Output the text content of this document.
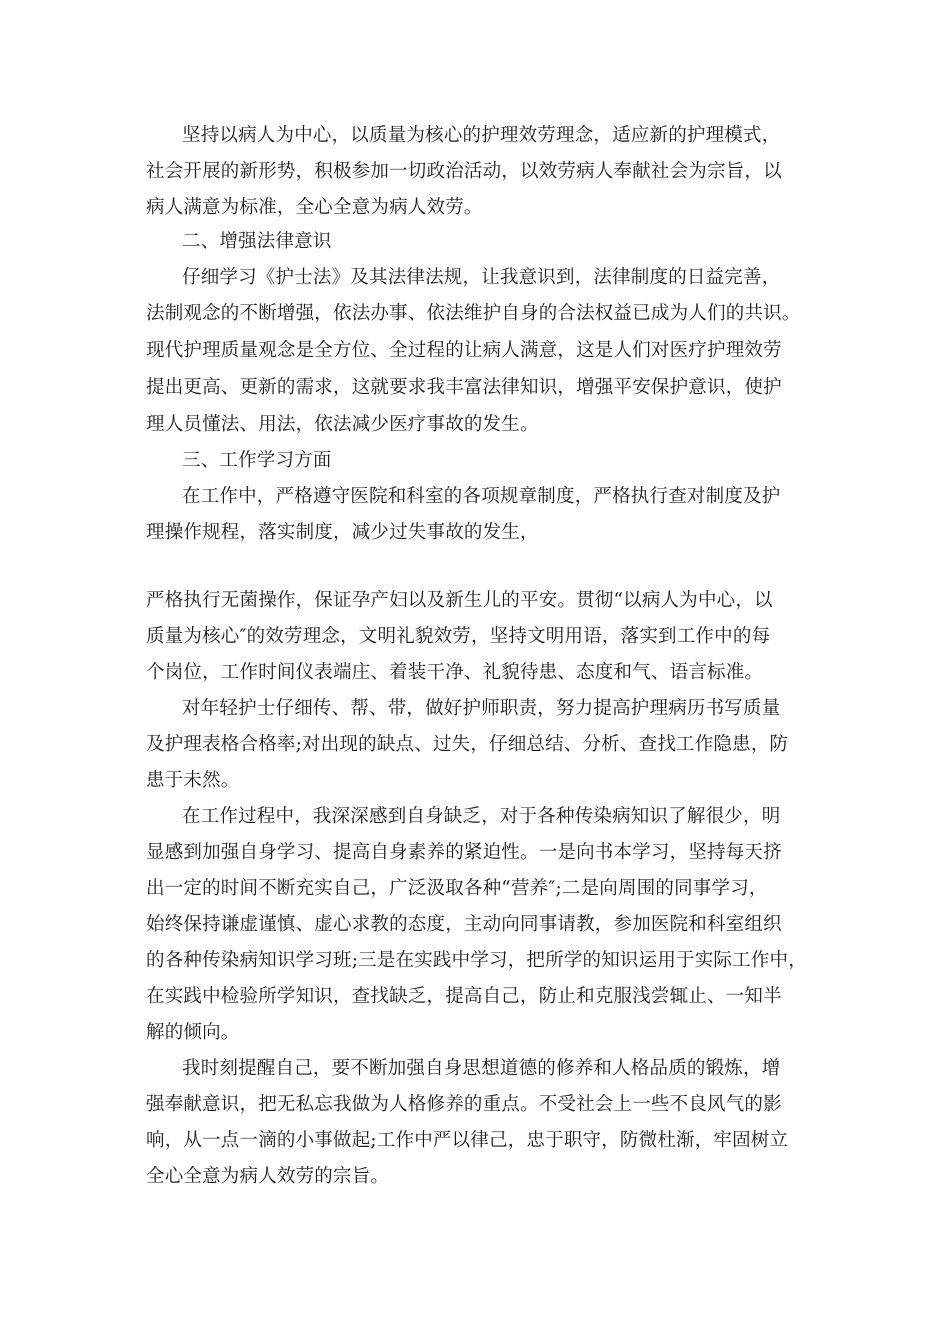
坚持以病人为中心，以质量为核心的护理效劳理念，适应新的护理模式，
社会开展的新形势，积极参加一切政治活动，以效劳病人奉献社会为宗旨，以
病人满意为标准，全心全意为病人效劳。
二、增强法律意识
仔细学习《护士法》及其法律法规，让我意识到，法律制度的日益完善，
法制观念的不断增强，依法办事、依法维护自身的合法权益已成为人们的共识。
现代护理质量观念是全方位、全过程的让病人满意，这是人们对医疗护理效劳
提出更高、更新的需求，这就要求我丰富法律知识，增强平安保护意识，使护
理人员懂法、用法，依法减少医疗事故的发生。
三、工作学习方面
在工作中，严格遵守医院和科室的各项规章制度，严格执行查对制度及护
理操作规程，落实制度，减少过失事故的发生，
严格执行无菌操作，保证孕产妇以及新生儿的平安。贯彻“以病人为中心，以
质量为核心″的效劳理念，文明礼貌效劳，坚持文明用语，落实到工作中的每
个岗位，工作时间仪表端庄、着装干净、礼貌待患、态度和气、语言标准。
对年轻护士仔细传、帮、带，做好护师职责，努力提高护理病历书写质量
及护理表格合格率;对出现的缺点、过失，仔细总结、分析、查找工作隐患，防
患于未然。
在工作过程中，我深深感到自身缺乏，对于各种传染病知识了解很少，明
显感到加强自身学习、提高自身素养的紧迫性。一是向书本学习，坚持每天挤
出一定的时间不断充实自己，广泛汲取各种“营养″;二是向周围的同事学习，
始终保持谦虚谨慎、虚心求教的态度，主动向同事请教，参加医院和科室组织
的各种传染病知识学习班;三是在实践中学习，把所学的知识运用于实际工作中，
在实践中检验所学知识，查找缺乏，提高自己，防止和克服浅尝辄止、一知半
解的倾向。
我时刻提醒自己，要不断加强自身思想道德的修养和人格品质的锻炼，增
强奉献意识，把无私忘我做为人格修养的重点。不受社会上一些不良风气的影
响，从一点一滴的小事做起;工作中严以律己，忠于职守，防微杜渐，牢固树立
全心全意为病人效劳的宗旨。
